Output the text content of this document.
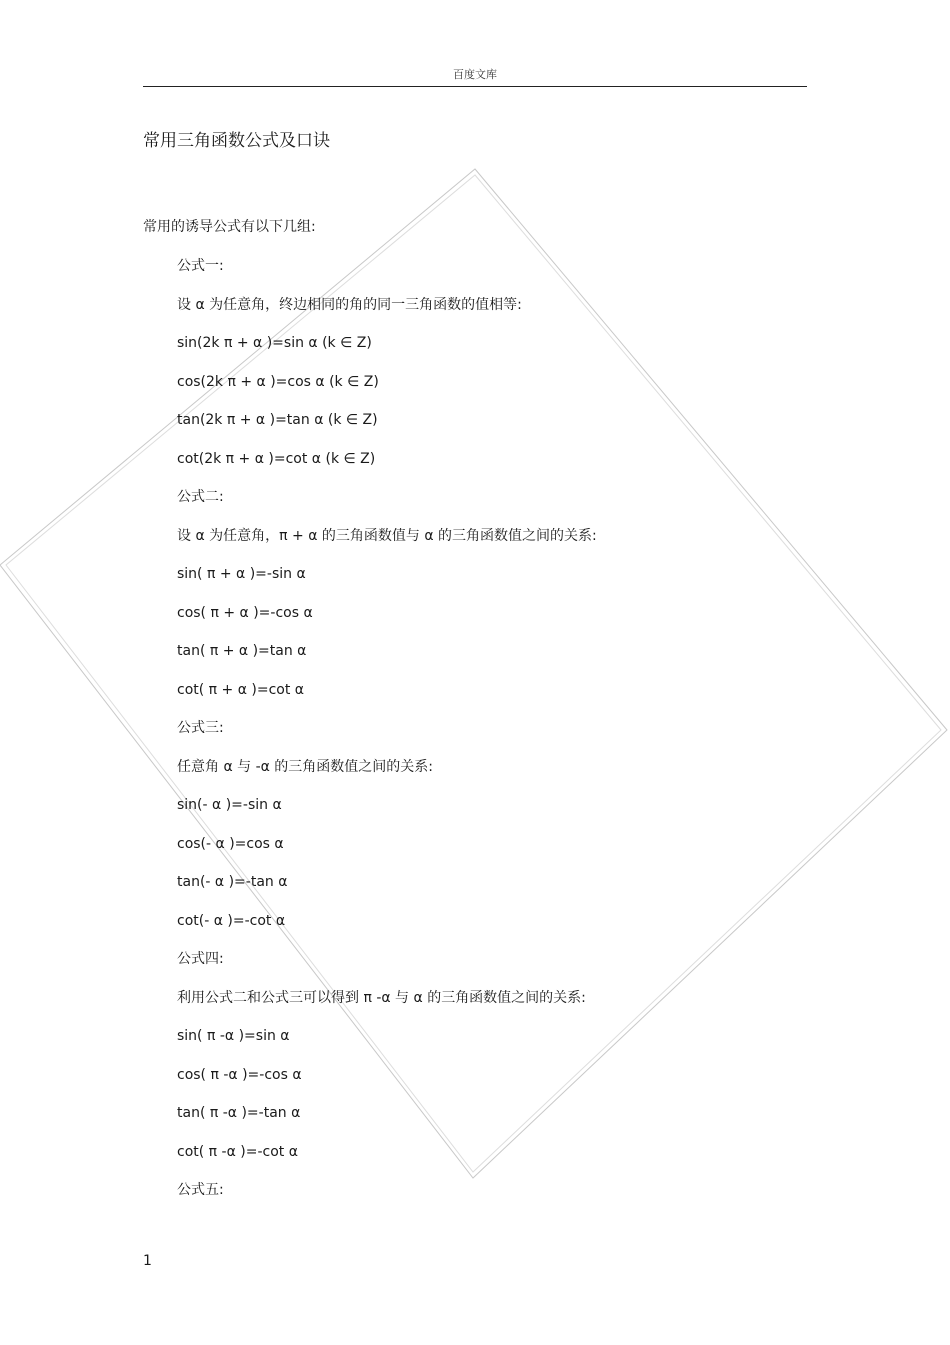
百度文库
常用三角函数公式及口诀
常用的诱导公式有以下几组:
公式一:
设 α 为任意角，终边相同的角的同一三角函数的值相等:
sin(2k π + α )=sin α (k ∈ Z)
cos(2k π + α )=cos α (k ∈ Z)
tan(2k π + α )=tan α (k ∈ Z)
cot(2k π + α )=cot α (k ∈ Z)
公式二:
设 α 为任意角，π + α 的三角函数值与 α 的三角函数值之间的关系:
sin( π + α )=-sin α
cos( π + α )=-cos α
tan( π + α )=tan α
cot( π + α )=cot α
公式三:
任意角 α 与 -α 的三角函数值之间的关系:
sin(- α )=-sin α
cos(- α )=cos α
tan(- α )=-tan α
cot(- α )=-cot α
公式四:
利用公式二和公式三可以得到 π -α 与 α 的三角函数值之间的关系:
sin( π -α )=sin α
cos( π -α )=-cos α
tan( π -α )=-tan α
cot( π -α )=-cot α
公式五:
1
